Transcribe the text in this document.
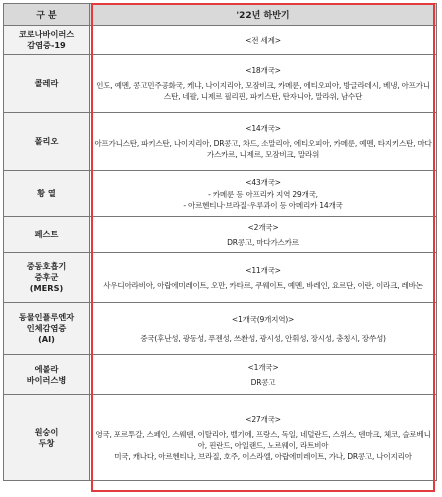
구 분	'22년 하반기

코로나바이러스
감염증-19	<전 세계>

콜레라	<18개국>
인도, 예멘, 콩고민주공화국, 케냐, 나이지리아, 모잠비크, 카메룬, 에티오피아, 방글라데시, 베냉, 아프가니스탄, 네팔, 니제르 필리핀, 파키스탄, 탄자니아, 말라위, 남수단

폴리오	<14개국>
아프가니스탄, 파키스탄, 나이지리아, DR콩고, 차드, 소말리아, 에티오피아, 카메룬, 예멘, 타지키스탄, 마다가스카르, 니제르, 모잠비크, 말라위

황 열	<43개국>
- 카메룬 등 아프리카 지역 29개국,
- 아르헨티나·브라질·우루과이 등 아메리카 14개국

페스트	<2개국>
DR콩고, 마다가스카르

중동호흡기
증후군
(MERS)	<11개국>
사우디아라비아, 아랍에미레이트, 오만, 카타르, 쿠웨이트, 예멘, 바레인, 요르단, 이란, 이라크, 레바논

동물인플루엔자
인체감염증
(AI)	<1개국(9개지역)>
중국(후난성, 광동성, 푸젠성, 쓰촨성, 광시성, 안휘성, 장시성, 충칭시, 장쑤성)

에볼라
바이러스병	<1개국>
DR콩고

원숭이
두창	<27개국>
영국, 포르투갈, 스페인, 스웨덴, 이탈리아, 벨기에, 프랑스, 독일, 네덜란드, 스위스, 덴마크, 체코, 슬로베니아, 핀란드, 아일랜드, 노르웨이, 라트비아
미국, 캐나다, 아르헨티나, 브라질, 호주, 이스라엘, 아랍에미레이트, 가나, DR콩고, 나이지리아
